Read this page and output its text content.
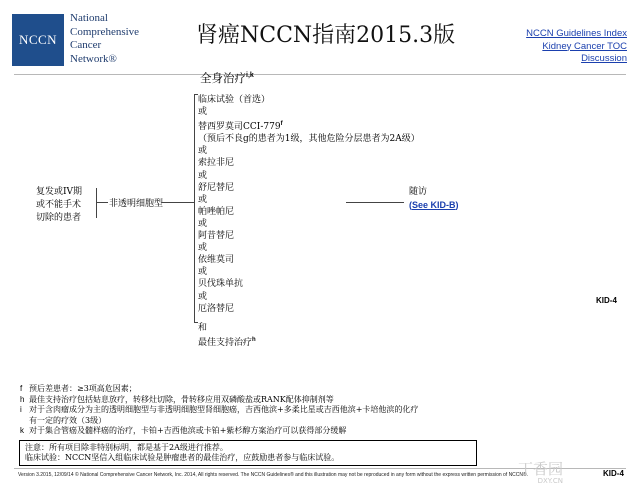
NCCN
National
Comprehensive
Cancer
Network®
肾癌NCCN指南2015.3版	NCCN Guidelines Index
Kidney Cancer TOC
Discussion
全身治疗$^{i,k}$
复发或IV期
或不能手术
切除的患者
非透明细胞型
临床试验（首选）
或
替西罗莫司CCI-779$^f$
（预后不良g的患者为1级，其他危险分层患者为2A级）
或
索拉非尼
或
舒尼替尼
或
帕唑帕尼
或
阿昔替尼
或
依维莫司
或
贝伐珠单抗
或
厄洛替尼
和
最佳支持治疗$^h$
随访
(See KID-B)
KID-4
f 预后差患者：≥3项高危因素；
h 最佳支持治疗包括姑息放疗，转移灶切除，骨转移应用双磷酸盐或RANK配体抑制剂等
i 对于含肉瘤成分为主的透明细胞型与非透明细胞型肾细胞癌，吉西他滨+多柔比星或吉西他滨+卡培他滨的化疗
有一定的疗效（3级）
k 对于集合管癌及髓样癌的治疗，卡铂+吉西他滨或卡铂+紫杉醇方案治疗可以获得部分缓解
注意：所有项目除非特别标明，都是基于2A级进行推荐。
临床试验：NCCN坚信入组临床试验是肿瘤患者的最佳治疗，应鼓励患者参与临床试验。
Version 3.2015, 12/09/14 © National Comprehensive Cancer Network, Inc. 2014, All rights reserved. The NCCN Guidelines® and this illustration may not be reproduced in any form without the express written permission of NCCN®.	KID-4
丁香园
DXY.CN
